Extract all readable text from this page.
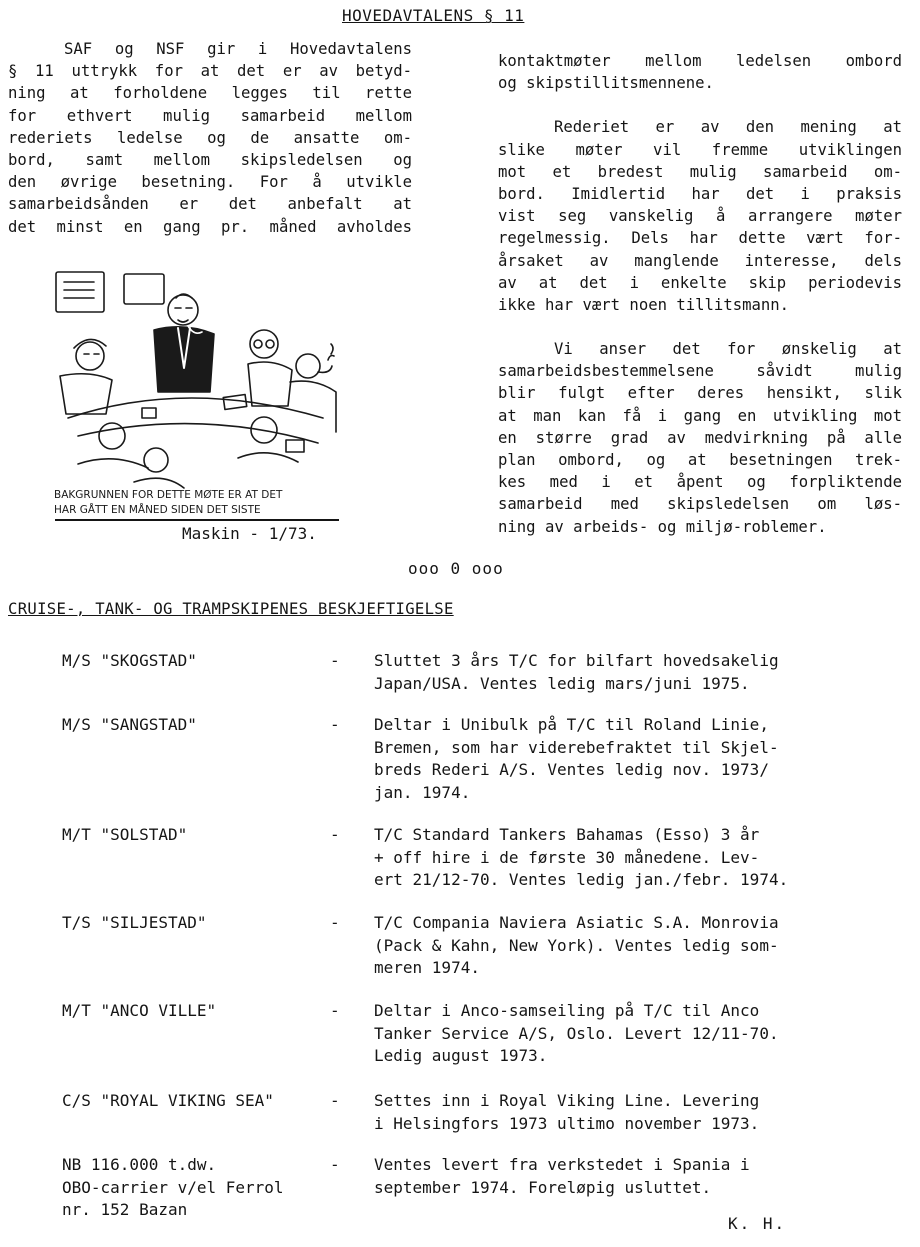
HOVEDAVTALENS § 11
SAF og NSF gir i Hovedavtalens
§ 11 uttrykk for at det er av betyd-
ning at forholdene legges til rette
for ethvert mulig samarbeid mellom
rederiets ledelse og de ansatte om-
bord, samt mellom skipsledelsen og
den øvrige besetning. For å utvikle
samarbeidsånden er det anbefalt at
det minst en gang pr. måned avholdes
kontaktmøter mellom ledelsen ombord
og skipstillitsmennene.
Rederiet er av den mening at
slike møter vil fremme utviklingen
mot et bredest mulig samarbeid om-
bord. Imidlertid har det i praksis
vist seg vanskelig å arrangere møter
regelmessig. Dels har dette vært for-
årsaket av manglende interesse, dels
av at det i enkelte skip periodevis
ikke har vært noen tillitsmann.
Vi anser det for ønskelig at
samarbeidsbestemmelsene såvidt mulig
blir fulgt efter deres hensikt, slik
at man kan få i gang en utvikling mot
en større grad av medvirkning på alle
plan ombord, og at besetningen trek-
kes med i et åpent og forpliktende
samarbeid med skipsledelsen om løs-
ning av arbeids- og miljø-roblemer.
BAKGRUNNEN FOR DETTE MØTE ER AT DET
HAR GÅTT EN MÅNED SIDEN DET SISTE
Maskin - 1/73.
ooo 0 ooo
CRUISE-, TANK- OG TRAMPSKIPENES BESKJEFTIGELSE
M/S "SKOGSTAD"	- Sluttet 3 års T/C for bilfart hovedsakelig
Japan/USA. Ventes ledig mars/juni 1975.
M/S "SANGSTAD"	- Deltar i Unibulk på T/C til Roland Linie,
Bremen, som har viderebefraktet til Skjel-
breds Rederi A/S. Ventes ledig nov. 1973/
jan. 1974.
M/T "SOLSTAD"	- T/C Standard Tankers Bahamas (Esso) 3 år
+ off hire i de første 30 månedene. Lev-
ert 21/12-70. Ventes ledig jan./febr. 1974.
T/S "SILJESTAD"	- T/C Compania Naviera Asiatic S.A. Monrovia
(Pack & Kahn, New York). Ventes ledig som-
meren 1974.
M/T "ANCO VILLE"	- Deltar i Anco-samseiling på T/C til Anco
Tanker Service A/S, Oslo. Levert 12/11-70.
Ledig august 1973.
C/S "ROYAL VIKING SEA"	- Settes inn i Royal Viking Line. Levering
i Helsingfors 1973 ultimo november 1973.
NB 116.000 t.dw.
OBO-carrier v/el Ferrol
nr. 152 Bazan
- Ventes levert fra verkstedet i Spania i
september 1974. Foreløpig usluttet.
K. H.
